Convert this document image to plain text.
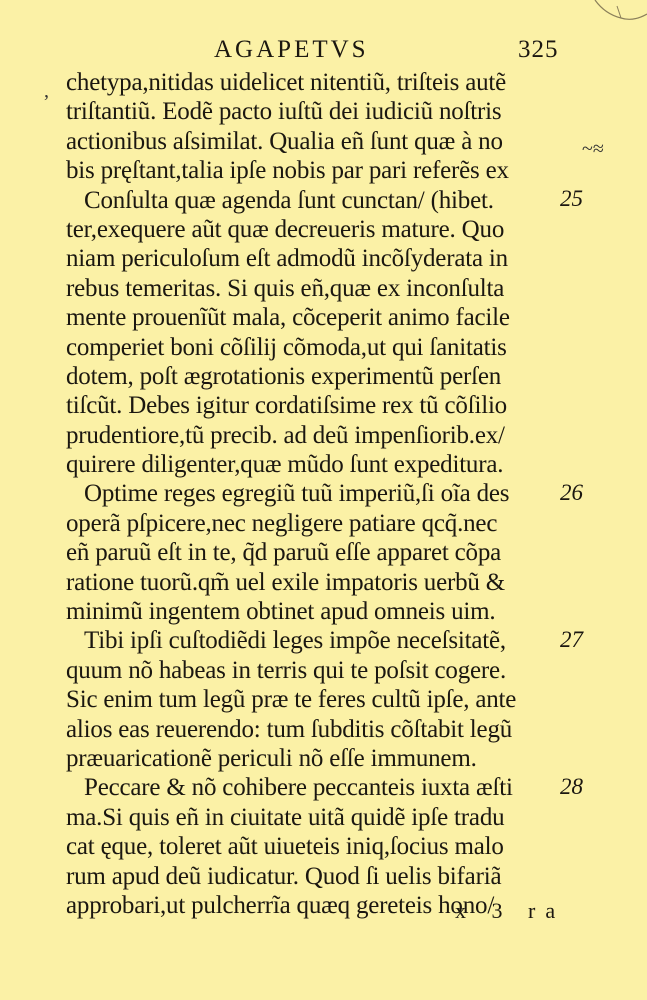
AGAPETVS	325
,
~≈
chetypa,nitidas uidelicet nitentiũ, triſteis autẽ
triſtantiũ. Eodẽ pacto iuſtũ dei iudiciũ noſtris
actionibus aſsimilat. Qualia eñ ſunt quæ à no
bis pręſtant,talia ipſe nobis par pari referẽs ex
Conſulta quæ agenda ſunt cunctan/ (hibet.
ter,exequere aũt quæ decreueris mature. Quo
niam periculoſum eſt admodũ incõſyderata in
rebus temeritas. Si quis eñ,quæ ex inconſulta
mente prouenĩũt mala, cõceperit animo facile
comperiet boni cõſilij cõmoda,ut qui ſanitatis
dotem, poſt ægrotationis experimentũ perſen
tiſcũt. Debes igitur cordatiſsime rex tũ cõſilio
prudentiore,tũ precib. ad deũ impenſiorib.ex/
quirere diligenter,quæ mũdo ſunt expeditura.
Optime reges egregiũ tuũ imperiũ,ſi oĩa des
operã pſpicere,nec negligere patiare qcq̃.nec
eñ paruũ eſt in te, q̃d paruũ eſſe apparet cõpa
ratione tuorũ.qm̃ uel exile impatoris uerbũ &
minimũ ingentem obtinet apud omneis uim.
Tibi ipſi cuſtodiẽdi leges impõe neceſsitatẽ,
quum nõ habeas in terris qui te poſsit cogere.
Sic enim tum legũ præ te feres cultũ ipſe, ante
alios eas reuerendo: tum ſubditis cõſtabit legũ
præuaricationẽ periculi nõ eſſe immunem.
Peccare & nõ cohibere peccanteis iuxta æſti
ma.Si quis eñ in ciuitate uitã quidẽ ipſe tradu
cat ęque, toleret aũt uiueteis iniq,ſocius malo
rum apud deũ iudicatur. Quod ſi uelis bifariã
approbari,ut pulcherrĩa quæq gereteis hono/
25
26
27
28
x 3 ra
